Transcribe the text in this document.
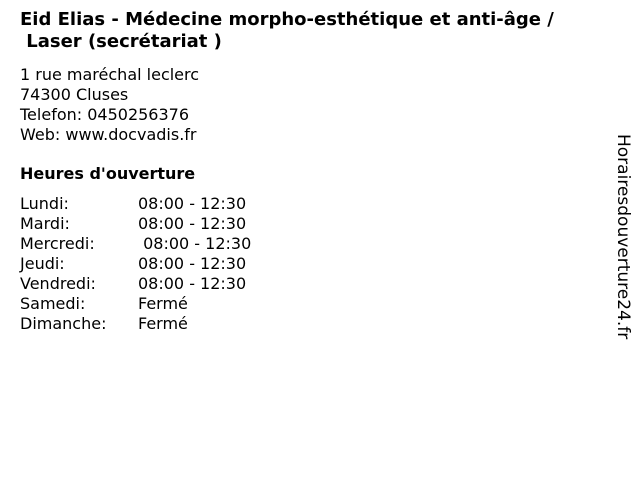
Eid Elias - Médecine morpho-esthétique et anti-âge /
Laser (secrétariat )
1 rue maréchal leclerc
74300 Cluses
Telefon: 0450256376
Web: www.docvadis.fr
Heures d'ouverture
Lundi:	08:00 - 12:30
Mardi:	08:00 - 12:30
Mercredi:	08:00 - 12:30
Jeudi:	08:00 - 12:30
Vendredi:	08:00 - 12:30
Samedi:	Fermé
Dimanche:	Fermé	Horairesdouverture24.fr
